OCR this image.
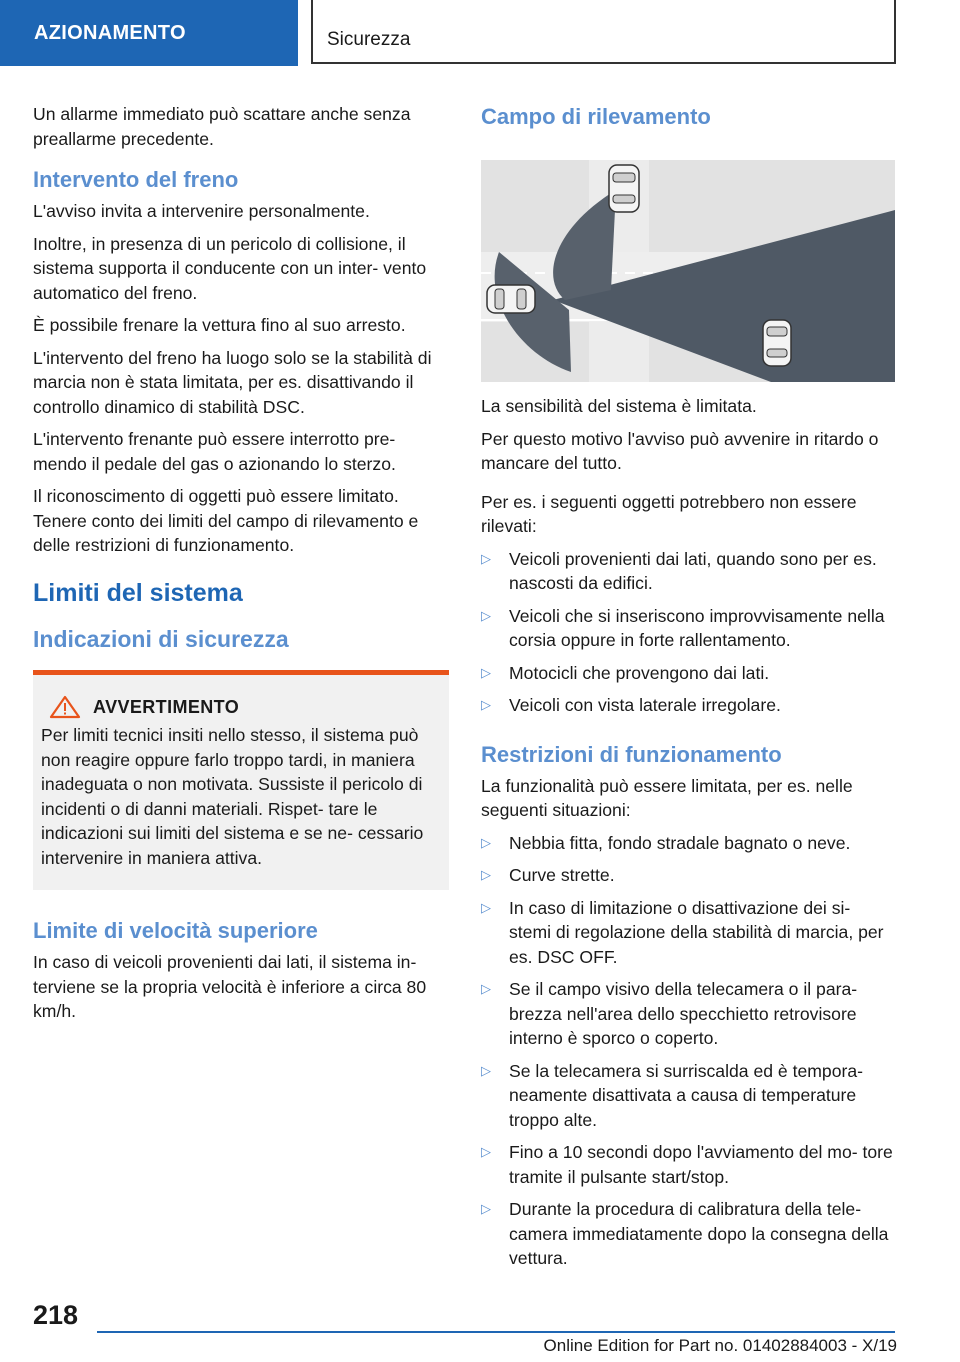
AZIONAMENTO	Sicurezza

Un allarme immediato può scattare anche senza preallarme precedente.

Intervento del freno

L'avviso invita a intervenire personalmente.

Inoltre, in presenza di un pericolo di collisione, il sistema supporta il conducente con un inter- vento automatico del freno.

È possibile frenare la vettura fino al suo arresto.

L'intervento del freno ha luogo solo se la stabilità di marcia non è stata limitata, per es. disattivando il controllo dinamico di stabilità DSC.

L'intervento frenante può essere interrotto pre- mendo il pedale del gas o azionando lo sterzo.

Il riconoscimento di oggetti può essere limitato. Tenere conto dei limiti del campo di rilevamento e delle restrizioni di funzionamento.

Limiti del sistema
Indicazioni di sicurezza
AVVERTIMENTO

Per limiti tecnici insiti nello stesso, il sistema può non reagire oppure farlo troppo tardi, in maniera inadeguata o non motivata. Sussiste il pericolo di incidenti o di danni materiali. Rispet- tare le indicazioni sui limiti del sistema e se ne- cessario intervenire in maniera attiva.

Limite di velocità superiore

In caso di veicoli provenienti dai lati, il sistema in- terviene se la propria velocità è inferiore a circa 80 km/h.

Campo di rilevamento

La sensibilità del sistema è limitata.

Per questo motivo l'avviso può avvenire in ritardo o mancare del tutto.

Per es. i seguenti oggetti potrebbero non essere rilevati:

▷ Veicoli provenienti dai lati, quando sono per es. nascosti da edifici.
▷ Veicoli che si inseriscono improvvisamente nella corsia oppure in forte rallentamento.
▷ Motocicli che provengono dai lati.
▷ Veicoli con vista laterale irregolare.
Restrizioni di funzionamento

La funzionalità può essere limitata, per es. nelle seguenti situazioni:

▷ Nebbia fitta, fondo stradale bagnato o neve.
▷ Curve strette.
▷ In caso di limitazione o disattivazione dei si- stemi di regolazione della stabilità di marcia, per es. DSC OFF.
▷ Se il campo visivo della telecamera o il para- brezza nell'area dello specchietto retrovisore interno è sporco o coperto.
▷ Se la telecamera si surriscalda ed è tempora- neamente disattivata a causa di temperature troppo alte.
▷ Fino a 10 secondi dopo l'avviamento del mo- tore tramite il pulsante start/stop.
▷ Durante la procedura di calibratura della tele- camera immediatamente dopo la consegna della vettura.
218
Online Edition for Part no. 01402884003 - X/19
